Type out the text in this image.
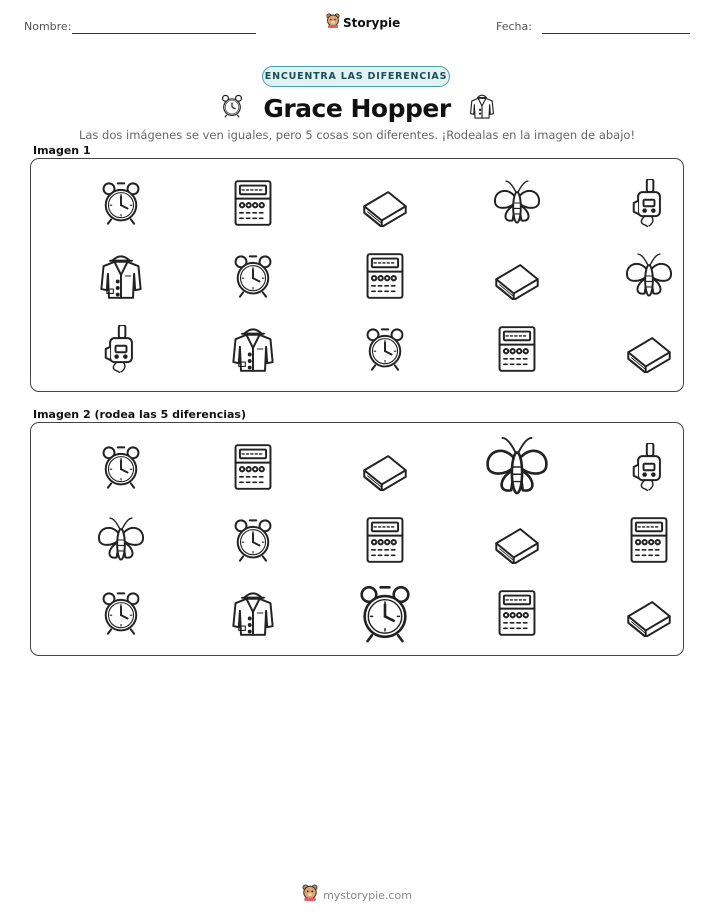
Nombre:	Storypie	Fecha:
ENCUENTRA LAS DIFERENCIAS
Grace Hopper
Las dos imágenes se ven iguales, pero 5 cosas son diferentes. ¡Rodealas en la imagen de abajo!
Imagen 1
Imagen 2 (rodea las 5 diferencias)
mystorypie.com
